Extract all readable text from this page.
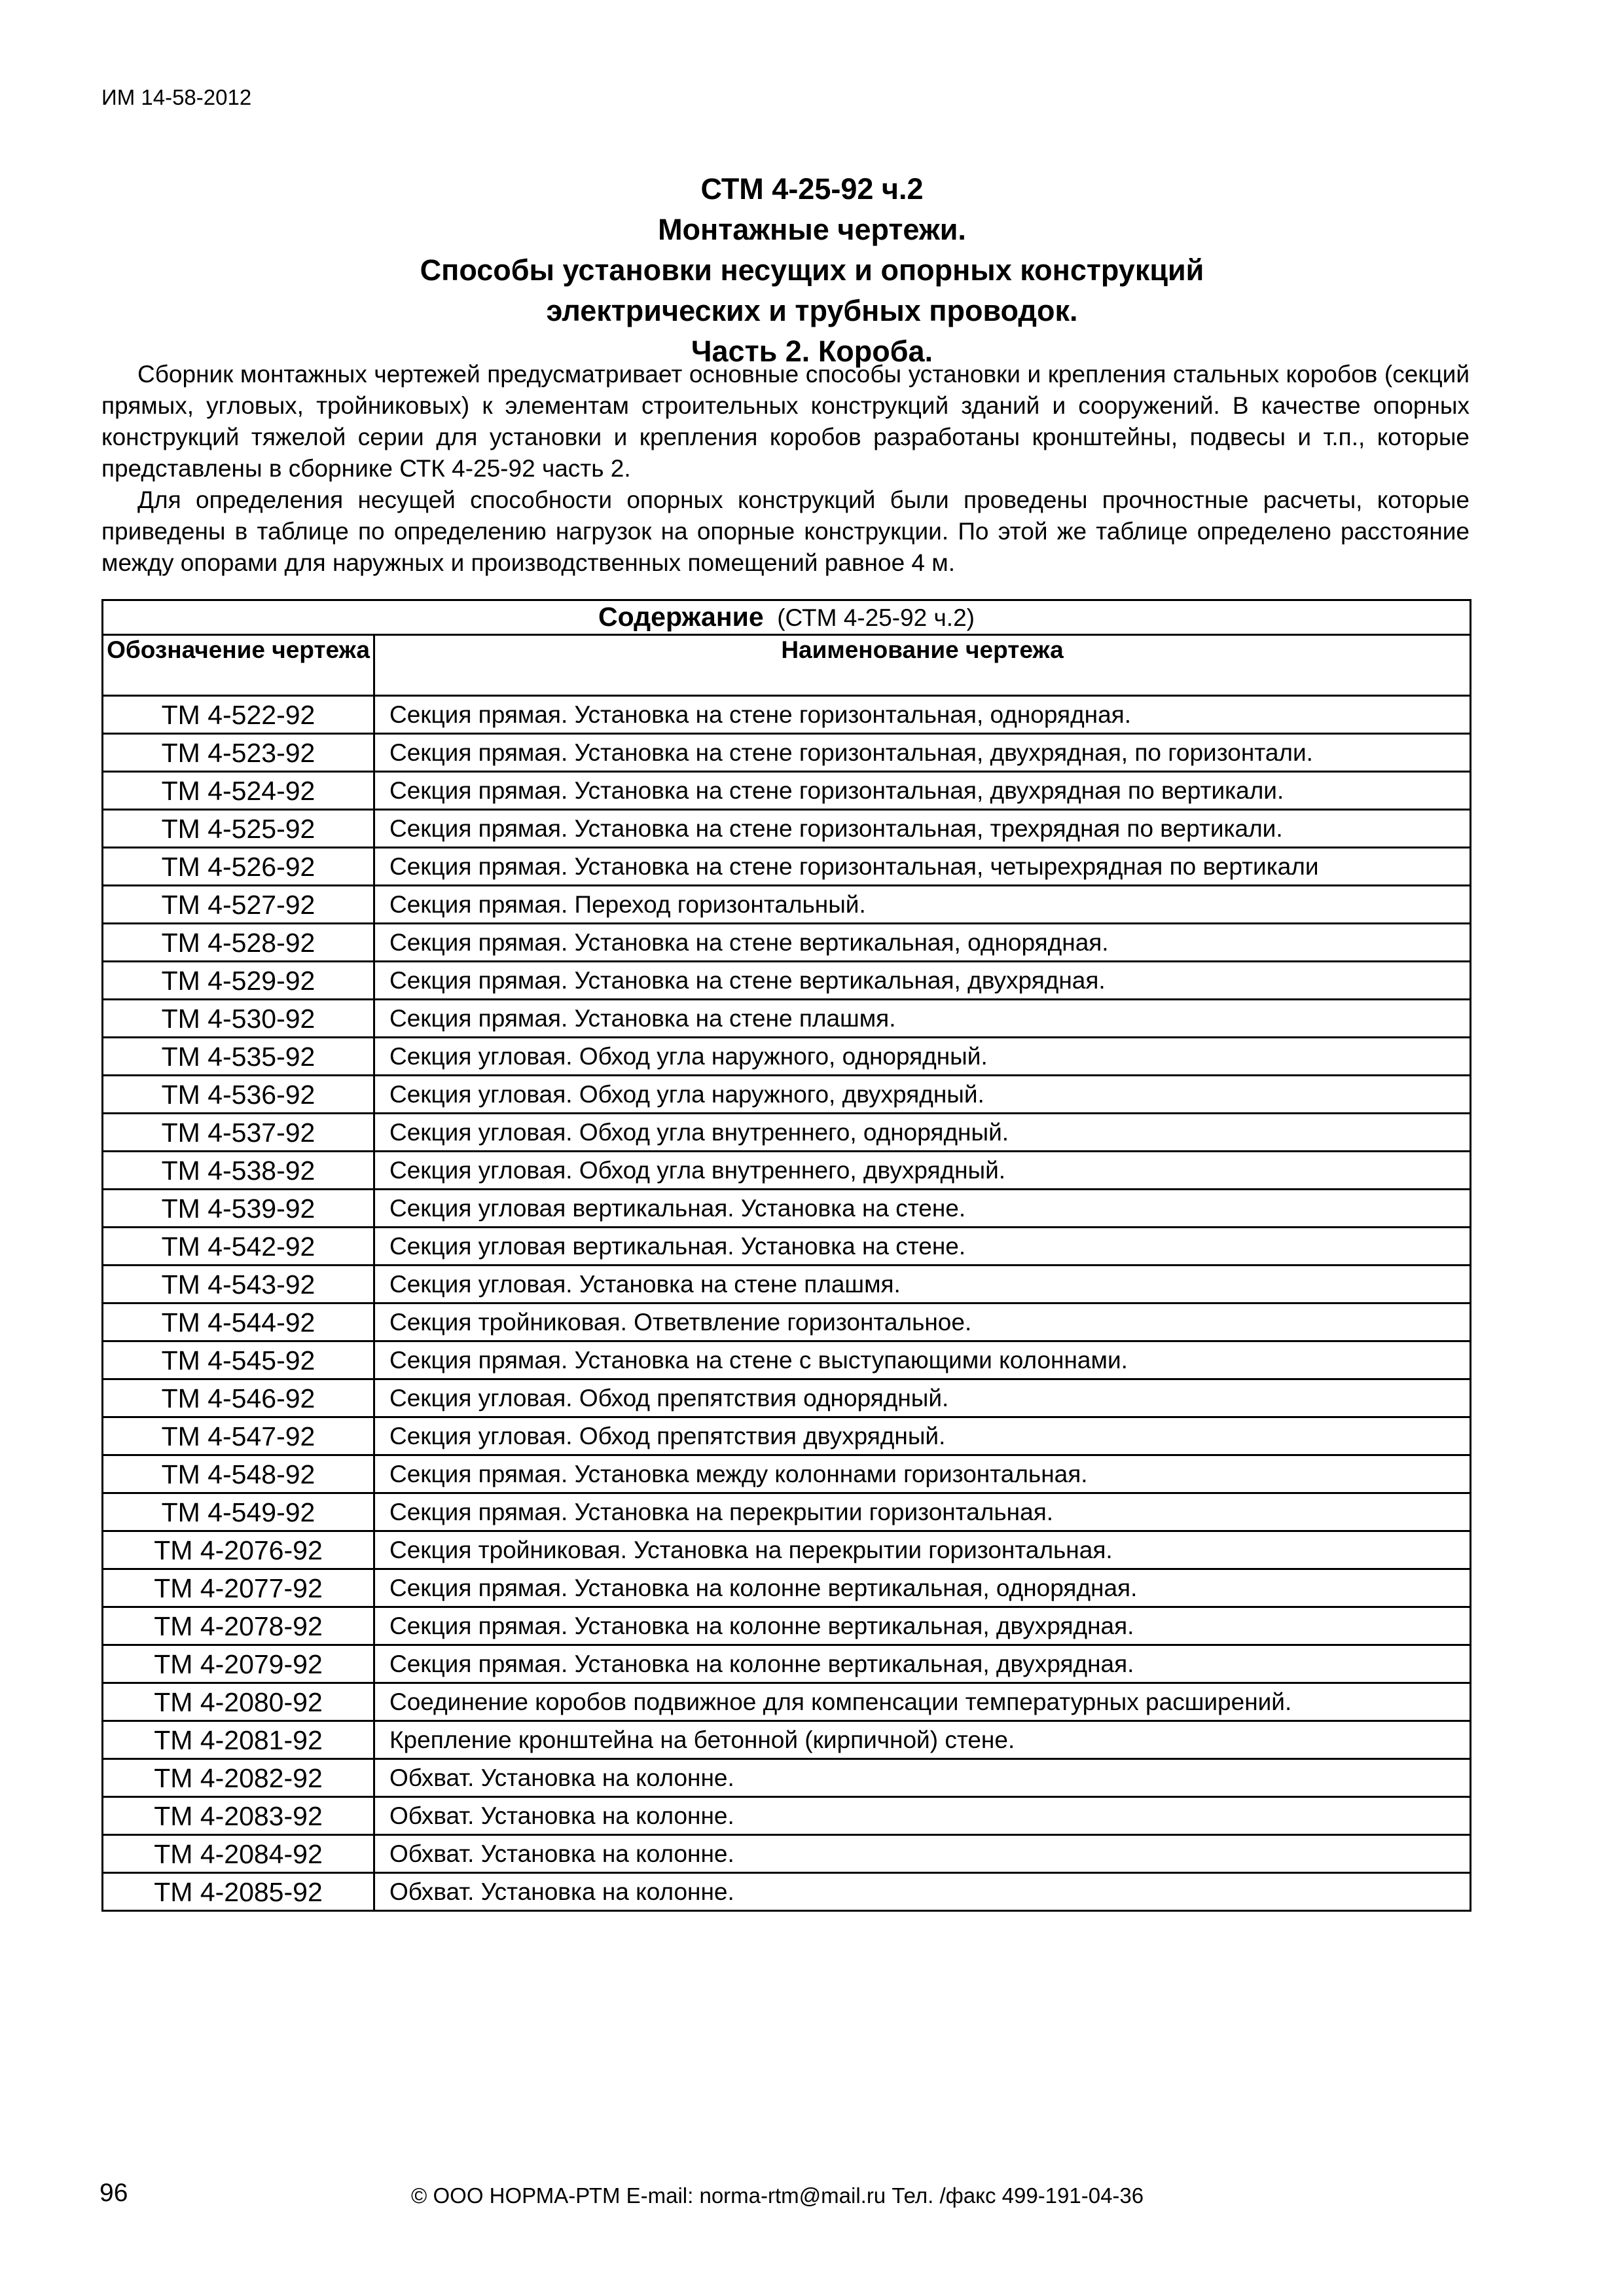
ИМ 14-58-2012
СТМ 4-25-92 ч.2
Монтажные чертежи.
Способы установки несущих и опорных конструкций
электрических и трубных проводок.
Часть 2. Короба.

Сборник монтажных чертежей предусматривает основные способы установки и крепления стальных коробов (секций прямых, угловых, тройниковых) к элементам строительных конструкций зданий и сооружений. В качестве опорных конструкций тяжелой серии для установки и крепления коробов разработаны кронштейны, подвесы и т.п., которые представлены в сборнике СТК 4-25-92 часть 2.

Для определения несущей способности опорных конструкций были проведены прочностные расчеты, которые приведены в таблице по определению нагрузок на опорные конструкции. По этой же таблице определено расстояние между опорами для наружных и производственных помещений равное 4 м.

Содержание (СТМ 4-25-92 ч.2)	
Обозначение чертежа	Наименование чертежа
ТМ 4-522-92	Секция прямая. Установка на стене горизонтальная, однорядная.
ТМ 4-523-92	Секция прямая. Установка на стене горизонтальная, двухрядная, по горизонтали.
ТМ 4-524-92	Секция прямая. Установка на стене горизонтальная, двухрядная по вертикали.
ТМ 4-525-92	Секция прямая. Установка на стене горизонтальная, трехрядная по вертикали.
ТМ 4-526-92	Секция прямая. Установка на стене горизонтальная, четырехрядная по вертикали
ТМ 4-527-92	Секция прямая. Переход горизонтальный.
ТМ 4-528-92	Секция прямая. Установка на стене вертикальная, однорядная.
ТМ 4-529-92	Секция прямая. Установка на стене вертикальная, двухрядная.
ТМ 4-530-92	Секция прямая. Установка на стене плашмя.
ТМ 4-535-92	Секция угловая. Обход угла наружного, однорядный.
ТМ 4-536-92	Секция угловая. Обход угла наружного, двухрядный.
ТМ 4-537-92	Секция угловая. Обход угла внутреннего, однорядный.
ТМ 4-538-92	Секция угловая. Обход угла внутреннего, двухрядный.
ТМ 4-539-92	Секция угловая вертикальная. Установка на стене.
ТМ 4-542-92	Секция угловая вертикальная. Установка на стене.
ТМ 4-543-92	Секция угловая. Установка на стене плашмя.
ТМ 4-544-92	Секция тройниковая. Ответвление горизонтальное.
ТМ 4-545-92	Секция прямая. Установка на стене с выступающими колоннами.
ТМ 4-546-92	Секция угловая. Обход препятствия однорядный.
ТМ 4-547-92	Секция угловая. Обход препятствия двухрядный.
ТМ 4-548-92	Секция прямая. Установка между колоннами горизонтальная.
ТМ 4-549-92	Секция прямая. Установка на перекрытии горизонтальная.
ТМ 4-2076-92	Секция тройниковая. Установка на перекрытии горизонтальная.
ТМ 4-2077-92	Секция прямая. Установка на колонне вертикальная, однорядная.
ТМ 4-2078-92	Секция прямая. Установка на колонне вертикальная, двухрядная.
ТМ 4-2079-92	Секция прямая. Установка на колонне вертикальная, двухрядная.
ТМ 4-2080-92	Соединение коробов подвижное для компенсации температурных расширений.
ТМ 4-2081-92	Крепление кронштейна на бетонной (кирпичной) стене.
ТМ 4-2082-92	Обхват. Установка на колонне.
ТМ 4-2083-92	Обхват. Установка на колонне.
ТМ 4-2084-92	Обхват. Установка на колонне.
ТМ 4-2085-92	Обхват. Установка на колонне.
96	© ООО НОРМА-РТМ E-mail: norma-rtm@mail.ru Тел. /факс 499-191-04-36
